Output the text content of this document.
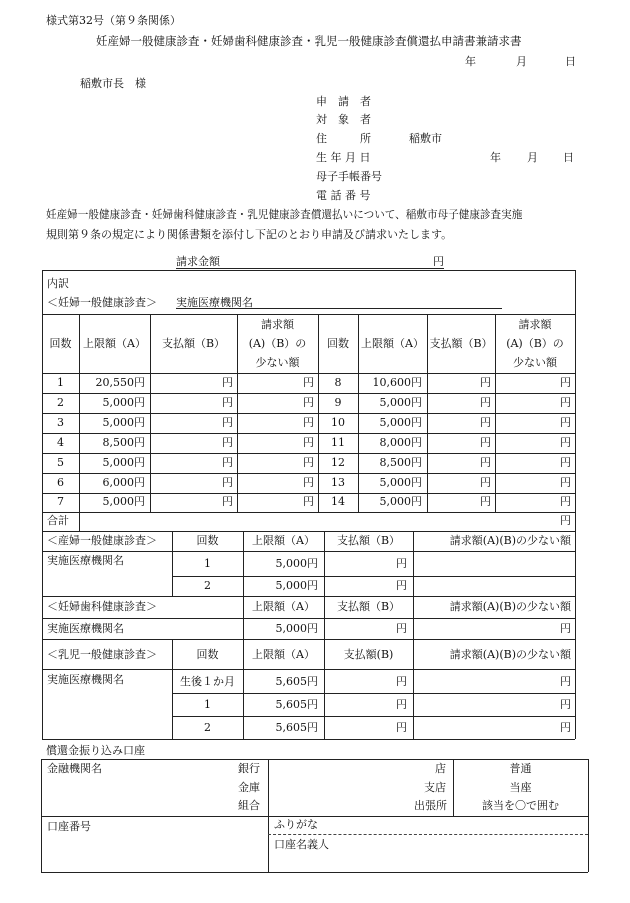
様式第32号（第９条関係）
妊産婦一般健康診査・妊婦歯科健康診査・乳児一般健康診査償還払申請書兼請求書
年	月	日
稲敷市長　様
申　請　者
対　象　者
住　　　所	稲敷市
生 年 月 日	年 月 日
母子手帳番号
電 話 番 号
妊産婦一般健康診査・妊婦歯科健康診査・乳児健康診査償還払いについて、稲敷市母子健康診査実施
規則第９条の規定により関係書類を添付し下記のとおり申請及び請求いたします。
請求金額	円
内訳
＜妊婦一般健康診査＞ 実施医療機関名
回数	上限額（A）	支払額（B）
請求額
(A)（B）の
少ない額
回数	上限額（A） 支払額（B）
請求額
(A)（B）の
少ない額
1	20,550円	円	円	8	10,600円	円	円
2	5,000円	円	円	9	5,000円	円	円
3	5,000円	円	円	10	5,000円	円	円
4	8,500円	円	円	11	8,000円	円	円
5	5,000円	円	円	12	8,500円	円	円
6	6,000円	円	円	13	5,000円	円	円
7	5,000円	円	円	14	5,000円	円	円
合計	円
＜産婦一般健康診査＞	回数	上限額（A）	支払額（B）	請求額(A)(B)の少ない額
実施医療機関名	1	5,000円	円
2	5,000円	円
＜妊婦歯科健康診査＞	上限額（A）	支払額（B）	請求額(A)(B)の少ない額
実施医療機関名	5,000円	円	円
＜乳児一般健康診査＞	回数	上限額（A）	支払額(B)	請求額(A)(B)の少ない額
実施医療機関名	生後１か月	5,605円	円	円
1	5,605円	円	円
2	5,605円	円	円
償還金振り込み口座
金融機関名	銀行
金庫
組合
店
支店
出張所
普通
当座
該当を〇で囲む
口座番号	ふりがな
口座名義人
